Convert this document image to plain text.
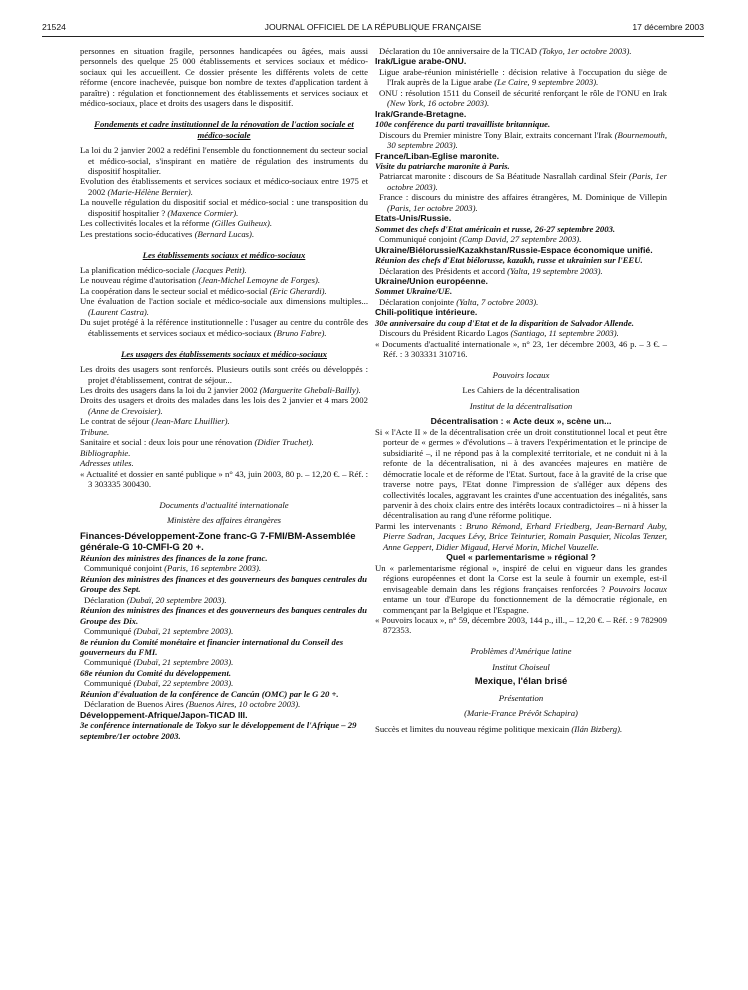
21524	JOURNAL OFFICIEL DE LA RÉPUBLIQUE FRANÇAISE	17 décembre 2003

personnes en situation fragile, personnes handicapées ou âgées, mais aussi personnels des quelque 25 000 établissements et services sociaux et médico-sociaux qui les accueillent. Ce dossier présente les différents volets de cette réforme (encore inachevée, puisque bon nombre de textes d'application tardent à paraître) : régulation et fonctionnement des établissements et services sociaux et médico-sociaux, place et droits des usagers dans le dispositif.

Fondements et cadre institutionnel de la rénovation de l'action sociale et médico-sociale

La loi du 2 janvier 2002 a redéfini l'ensemble du fonctionnement du secteur social et médico-social, s'inspirant en matière de régulation des instruments du dispositif hospitalier.

Evolution des établissements et services sociaux et médico-sociaux entre 1975 et 2002 (Marie-Hélène Bernier).

La nouvelle régulation du dispositif social et médico-social : une transposition du dispositif hospitalier ? (Maxence Cormier).

Les collectivités locales et la réforme (Gilles Guiheux).

Les prestations socio-éducatives (Bernard Lucas).

Les établissements sociaux et médico-sociaux

La planification médico-sociale (Jacques Petit).

Le nouveau régime d'autorisation (Jean-Michel Lemoyne de Forges).

La coopération dans le secteur social et médico-social (Eric Gherardi).

Une évaluation de l'action sociale et médico-sociale aux dimensions multiples... (Laurent Castra).

Du sujet protégé à la référence institutionnelle : l'usager au centre du contrôle des établissements et services sociaux et médico-sociaux (Bruno Fabre).

Les usagers des établissements sociaux et médico-sociaux

Les droits des usagers sont renforcés. Plusieurs outils sont créés ou développés : projet d'établissement, contrat de séjour...

Les droits des usagers dans la loi du 2 janvier 2002 (Marguerite Ghebali-Bailly).

Droits des usagers et droits des malades dans les lois des 2 janvier et 4 mars 2002 (Anne de Crevoisier).

Le contrat de séjour (Jean-Marc Lhuillier).

Tribune.

Sanitaire et social : deux lois pour une rénovation (Didier Truchet).

Bibliographie.

Adresses utiles.

« Actualité et dossier en santé publique » n° 43, juin 2003, 80 p. – 12,20 €. – Réf. : 3 303335 300430.

Documents d'actualité internationale

Ministère des affaires étrangères

Finances-Développement-Zone franc-G 7-FMI/BM-Assemblée générale-G 10-CMFI-G 20 +.

Réunion des ministres des finances de la zone franc.

Communiqué conjoint (Paris, 16 septembre 2003).

Réunion des ministres des finances et des gouverneurs des banques centrales du Groupe des Sept.

Déclaration (Dubaï, 20 septembre 2003).

Réunion des ministres des finances et des gouverneurs des banques centrales du Groupe des Dix.

Communiqué (Dubaï, 21 septembre 2003).

8e réunion du Comité monétaire et financier international du Conseil des gouverneurs du FMI.

Communiqué (Dubaï, 21 septembre 2003).

68e réunion du Comité du développement.

Communiqué (Dubaï, 22 septembre 2003).

Réunion d'évaluation de la conférence de Cancún (OMC) par le G 20 +.

Déclaration de Buenos Aires (Buenos Aires, 10 octobre 2003).

Développement-Afrique/Japon-TICAD III.

3e conférence internationale de Tokyo sur le développement de l'Afrique – 29 septembre/1er octobre 2003.

Déclaration du 10e anniversaire de la TICAD (Tokyo, 1er octobre 2003).

Irak/Ligue arabe-ONU.

Ligue arabe-réunion ministérielle : décision relative à l'occupation du siège de l'Irak auprès de la Ligue arabe (Le Caire, 9 septembre 2003).

ONU : résolution 1511 du Conseil de sécurité renforçant le rôle de l'ONU en Irak (New York, 16 octobre 2003).

Irak/Grande-Bretagne.

100e conférence du parti travailliste britannique.

Discours du Premier ministre Tony Blair, extraits concernant l'Irak (Bournemouth, 30 septembre 2003).

France/Liban-Eglise maronite.

Visite du patriarche maronite à Paris.

Patriarcat maronite : discours de Sa Béatitude Nasrallah cardinal Sfeir (Paris, 1er octobre 2003).

France : discours du ministre des affaires étrangères, M. Dominique de Villepin (Paris, 1er octobre 2003).

Etats-Unis/Russie.

Sommet des chefs d'Etat américain et russe, 26-27 septembre 2003.

Communiqué conjoint (Camp David, 27 septembre 2003).

Ukraine/Biélorussie/Kazakhstan/Russie-Espace économique unifié.

Réunion des chefs d'Etat biélorusse, kazakh, russe et ukrainien sur l'EEU.

Déclaration des Présidents et accord (Yalta, 19 septembre 2003).

Ukraine/Union européenne.

Sommet Ukraine/UE.

Déclaration conjointe (Yalta, 7 octobre 2003).

Chili-politique intérieure.

30e anniversaire du coup d'Etat et de la disparition de Salvador Allende.

Discours du Président Ricardo Lagos (Santiago, 11 septembre 2003).

« Documents d'actualité internationale », n° 23, 1er décembre 2003, 46 p. – 3 €. – Réf. : 3 303331 310716.

Pouvoirs locaux

Les Cahiers de la décentralisation

Institut de la décentralisation

Décentralisation : « Acte deux », scène un...

Si « l'Acte II » de la décentralisation crée un droit constitutionnel local et peut être porteur de « germes » d'évolutions – à travers l'expérimentation et le principe de subsidiarité –, il ne répond pas à la complexité territoriale, et ne conduit ni à la refonte de la décentralisation, ni à des avancées majeures en matière de démocratie locale et de réforme de l'Etat. Surtout, face à la gravité de la crise que traverse notre pays, l'Etat donne l'impression de s'alléger aux dépens des collectivités locales, aggravant les craintes d'une accentuation des inégalités, sans parvenir à des choix clairs entre des intérêts locaux contradictoires – ni à hisser la décentralisation au rang d'une réforme politique.

Parmi les intervenants : Bruno Rémond, Erhard Friedberg, Jean-Bernard Auby, Pierre Sadran, Jacques Lévy, Brice Teinturier, Romain Pasquier, Nicolas Tenzer, Anne Geppert, Didier Migaud, Hervé Morin, Michel Vauzelle.

Quel « parlementarisme » régional ?

Un « parlementarisme régional », inspiré de celui en vigueur dans les grandes régions européennes et dont la Corse est la seule à fournir un exemple, est-il envisageable demain dans les régions françaises renforcées ? Pouvoirs locaux entame un tour d'Europe du fonctionnement de la démocratie régionale, en commençant par la Belgique et l'Espagne.

« Pouvoirs locaux », n° 59, décembre 2003, 144 p., ill., – 12,20 €. – Réf. : 9 782909 872353.

Problèmes d'Amérique latine

Institut Choiseul

Mexique, l'élan brisé

Présentation

(Marie-France Prévôt Schapira)

Succès et limites du nouveau régime politique mexicain (Ilán Bizberg).
